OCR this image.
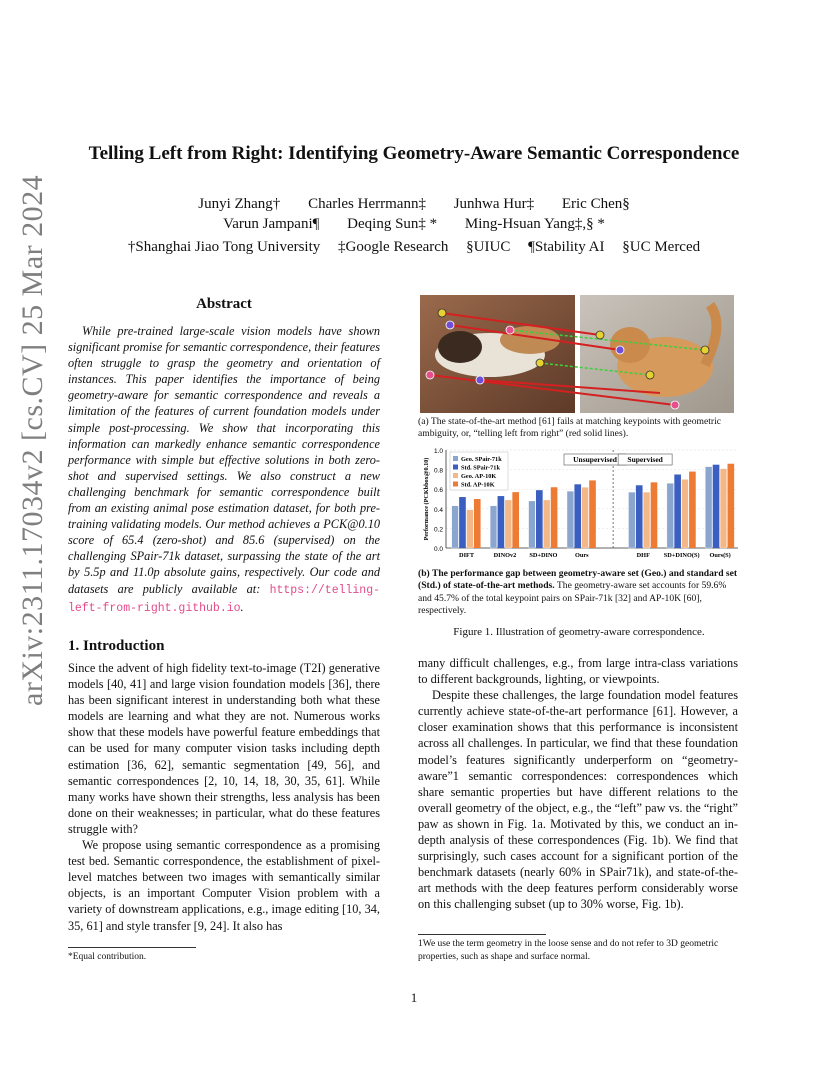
arXiv:2311.17034v2 [cs.CV] 25 Mar 2024
Telling Left from Right: Identifying Geometry-Aware Semantic Correspondence
Junyi Zhang† Charles Herrmann‡ Junhwa Hur‡ Eric Chen§
Varun Jampani¶ Deqing Sun‡ * Ming-Hsuan Yang‡,§ *
†Shanghai Jiao Tong University ‡Google Research §UIUC ¶Stability AI §UC Merced
Abstract
While pre-trained large-scale vision models have shown significant promise for semantic correspondence, their features often struggle to grasp the geometry and orientation of instances. This paper identifies the importance of being geometry-aware for semantic correspondence and reveals a limitation of the features of current foundation models under simple post-processing. We show that incorporating this information can markedly enhance semantic correspondence performance with simple but effective solutions in both zero-shot and supervised settings. We also construct a new challenging benchmark for semantic correspondence built from an existing animal pose estimation dataset, for both pre-training validating models. Our method achieves a PCK@0.10 score of 65.4 (zero-shot) and 85.6 (supervised) on the challenging SPair-71k dataset, surpassing the state of the art by 5.5p and 11.0p absolute gains, respectively. Our code and datasets are publicly available at: https://telling-left-from-right.github.io.
1. Introduction

Since the advent of high fidelity text-to-image (T2I) generative models [40, 41] and large vision foundation models [36], there has been significant interest in understanding both what these models are learning and what they are not. Numerous works show that these models have powerful feature embeddings that can be used for many computer vision tasks including depth estimation [36, 62], semantic segmentation [49, 56], and semantic correspondences [2, 10, 14, 18, 30, 35, 61]. While many works have shown their strengths, less analysis has been done on their weaknesses; in particular, what do these features struggle with?

We propose using semantic correspondence as a promising test bed. Semantic correspondence, the establishment of pixel-level matches between two images with semantically similar objects, is an important Computer Vision problem with a variety of downstream applications, e.g., image editing [10, 34, 35, 61] and style transfer [9, 24]. It also has

*Equal contribution.
(a) The state-of-the-art method [61] fails at matching keypoints with geometric ambiguity, or, “telling left from right” (red solid lines).
0.0
0.2
0.4
0.6
0.8
1.0
Performance (PCKbbox@0.10)
DIFT	DINOv2 SD+DINO	Ours	DHF SD+DINO(S) Ours(S)
Unsupervised Supervised
Geo. SPair-71k
Std. SPair-71k
Geo. AP-10K
Std. AP-10K
(b) The performance gap between geometry-aware set (Geo.) and standard set (Std.) of state-of-the-art methods. The geometry-aware set accounts for 59.6% and 45.7% of the total keypoint pairs on SPair-71k [32] and AP-10K [60], respectively.
Figure 1. Illustration of geometry-aware correspondence.

many difficult challenges, e.g., from large intra-class variations to different backgrounds, lighting, or viewpoints.

Despite these challenges, the large foundation model features currently achieve state-of-the-art performance [61]. However, a closer examination shows that this performance is inconsistent across all challenges. In particular, we find that these foundation model’s features significantly underperform on “geometry-aware”1 semantic correspondences: correspondences which share semantic properties but have different relations to the overall geometry of the object, e.g., the “left” paw vs. the “right” paw as shown in Fig. 1a. Motivated by this, we conduct an in-depth analysis of these correspondences (Fig. 1b). We find that surprisingly, such cases account for a significant portion of the benchmark datasets (nearly 60% in SPair71k), and state-of-the-art methods with the deep features perform considerably worse on this challenging subset (up to 30% worse, Fig. 1b).

1We use the term geometry in the loose sense and do not refer to 3D geometric properties, such as shape and surface normal.
1
